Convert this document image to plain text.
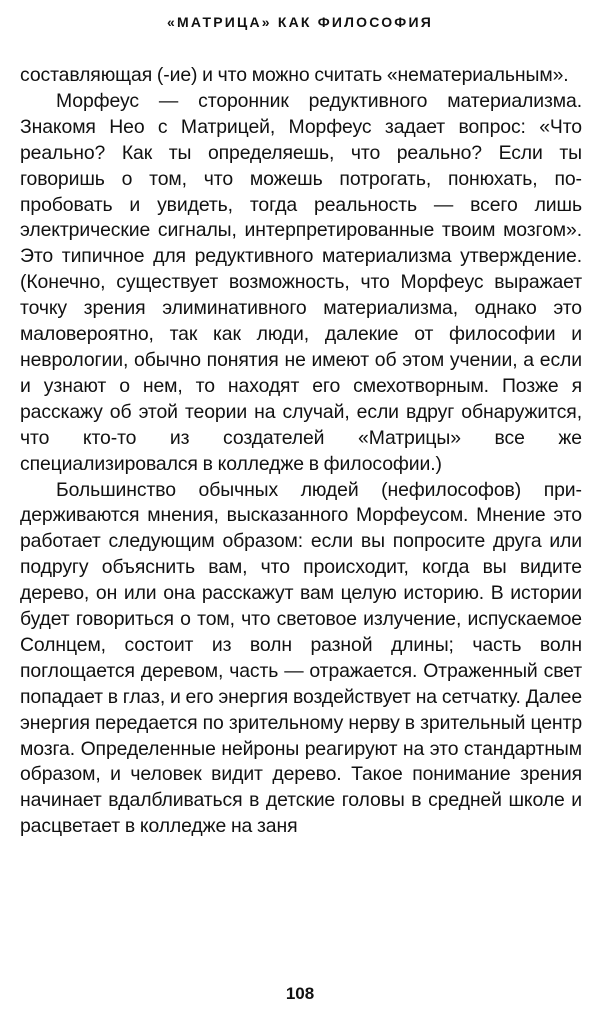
«МАТРИЦА» КАК ФИЛОСОФИЯ

составляющая (-ие) и что можно считать «нематериальным».

Морфеус — сторонник редуктивного материализма. Знакомя Нео с Матрицей, Морфеус задает вопрос: «Что реально? Как ты определяешь, что реально? Если ты говоришь о том, что можешь потрогать, понюхать, попробовать и увидеть, тогда реальность — всего лишь электрические сигналы, интерпретированные твоим мозгом». Это типичное для редуктивного материализма утверждение. (Конечно, существует возможность, что Морфеус выражает точку зрения элиминативного материализма, однако это маловероятно, так как люди, далекие от философии и неврологии, обычно понятия не имеют об этом учении, а если и узнают о нем, то находят его смехотворным. Позже я расскажу об этой теории на случай, если вдруг обнаружится, что кто-то из создателей «Матрицы» все же специализировался в колледже в философии.)

Большинство обычных людей (нефилософов) придерживаются мнения, высказанного Морфеусом. Мнение это работает следующим образом: если вы попросите друга или подругу объяснить вам, что происходит, когда вы видите дерево, он или она расскажут вам целую историю. В истории будет говориться о том, что световое излучение, испускаемое Солнцем, состоит из волн разной длины; часть волн поглощается деревом, часть — отражается. Отраженный свет попадает в глаз, и его энергия воздействует на сетчатку. Далее энергия передается по зрительному нерву в зрительный центр мозга. Определенные нейроны реагируют на это стандартным образом, и человек видит дерево. Такое понимание зрения начинает вдалбливаться в детские головы в средней школе и расцветает в колледже на заня

108
